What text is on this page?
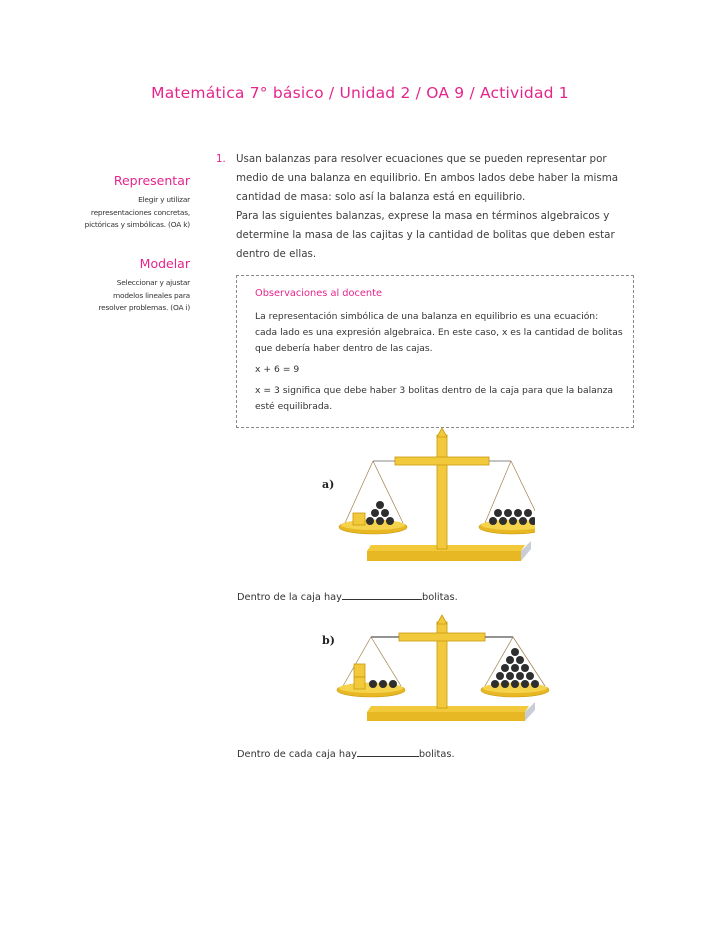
Matemática 7° básico / Unidad 2 / OA 9 / Actividad 1
Representar

Elegir y utilizar
representaciones concretas,
pictóricas y simbólicas. (OA k)

Modelar

Seleccionar y ajustar
modelos lineales para
resolver problemas. (OA i)

1. Usan balanzas para resolver ecuaciones que se pueden representar por medio de una balanza en equilibrio. En ambos lados debe haber la misma cantidad de masa: solo así la balanza está en equilibrio.

Para las siguientes balanzas, exprese la masa en términos algebraicos y determine la masa de las cajitas y la cantidad de bolitas que deben estar dentro de ellas.

Observaciones al docente

La representación simbólica de una balanza en equilibrio es una ecuación: cada lado es una expresión algebraica. En este caso, x es la cantidad de bolitas que debería haber dentro de las cajas.

x + 6 = 9

x = 3 significa que debe haber 3 bolitas dentro de la caja para que la balanza esté equilibrada.

a)
Dentro de la caja hay	bolitas.
b)
Dentro de cada caja hay	bolitas.
